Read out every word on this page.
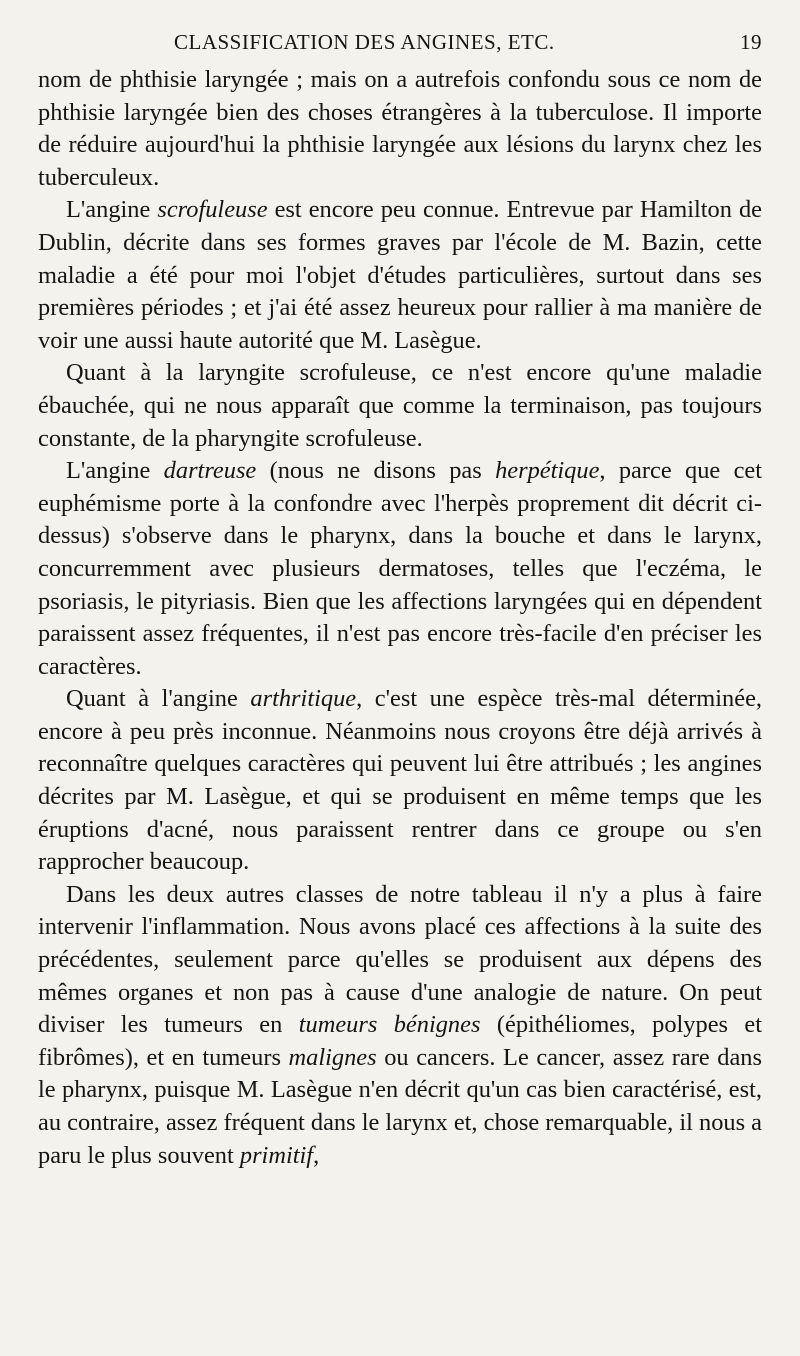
CLASSIFICATION DES ANGINES, ETC.	19

nom de phthisie laryngée ; mais on a autrefois confondu sous ce nom de phthisie laryngée bien des choses étrangères à la tuberculose. Il importe de réduire aujourd'hui la phthisie laryngée aux lésions du larynx chez les tuberculeux.

L'angine scrofuleuse est encore peu connue. Entrevue par Hamilton de Dublin, décrite dans ses formes graves par l'école de M. Bazin, cette maladie a été pour moi l'objet d'études particulières, surtout dans ses premières périodes ; et j'ai été assez heureux pour rallier à ma manière de voir une aussi haute autorité que M. Lasègue.

Quant à la laryngite scrofuleuse, ce n'est encore qu'une maladie ébauchée, qui ne nous apparaît que comme la terminaison, pas toujours constante, de la pharyngite scrofuleuse.

L'angine dartreuse (nous ne disons pas herpétique, parce que cet euphémisme porte à la confondre avec l'herpès proprement dit décrit ci-dessus) s'observe dans le pharynx, dans la bouche et dans le larynx, concurremment avec plusieurs dermatoses, telles que l'eczéma, le psoriasis, le pityriasis. Bien que les affections laryngées qui en dépendent paraissent assez fréquentes, il n'est pas encore très-facile d'en préciser les caractères.

Quant à l'angine arthritique, c'est une espèce très-mal déterminée, encore à peu près inconnue. Néanmoins nous croyons être déjà arrivés à reconnaître quelques caractères qui peuvent lui être attribués ; les angines décrites par M. Lasègue, et qui se produisent en même temps que les éruptions d'acné, nous paraissent rentrer dans ce groupe ou s'en rapprocher beaucoup.

Dans les deux autres classes de notre tableau il n'y a plus à faire intervenir l'inflammation. Nous avons placé ces affections à la suite des précédentes, seulement parce qu'elles se produisent aux dépens des mêmes organes et non pas à cause d'une analogie de nature. On peut diviser les tumeurs en tumeurs bénignes (épithéliomes, polypes et fibrômes), et en tumeurs malignes ou cancers. Le cancer, assez rare dans le pharynx, puisque M. Lasègue n'en décrit qu'un cas bien caractérisé, est, au contraire, assez fréquent dans le larynx et, chose remarquable, il nous a paru le plus souvent primitif,
